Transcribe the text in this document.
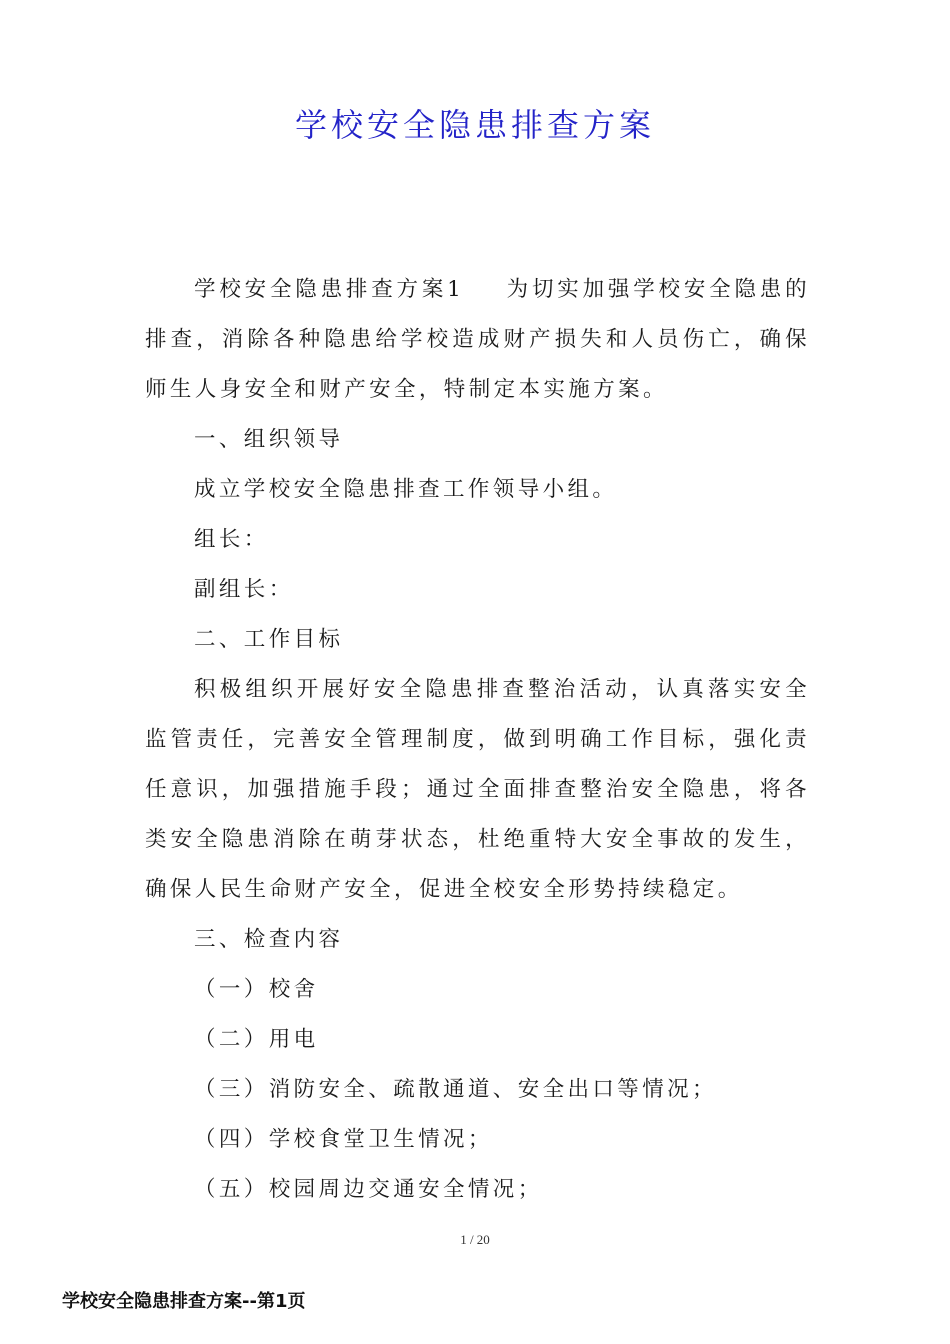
学校安全隐患排查方案

学校安全隐患排查方案1 为切实加强学校安全隐患的排查，消除各种隐患给学校造成财产损失和人员伤亡，确保师生人身安全和财产安全，特制定本实施方案。

一、组织领导

成立学校安全隐患排查工作领导小组。

组长：

副组长：

二、工作目标

积极组织开展好安全隐患排查整治活动，认真落实安全监管责任，完善安全管理制度，做到明确工作目标，强化责任意识，加强措施手段；通过全面排查整治安全隐患，将各类安全隐患消除在萌芽状态，杜绝重特大安全事故的发生，确保人民生命财产安全，促进全校安全形势持续稳定。

三、检查内容

（一）校舍

（二）用电

（三）消防安全、疏散通道、安全出口等情况；

（四）学校食堂卫生情况；

（五）校园周边交通安全情况；

1 / 20
学校安全隐患排查方案--第1页
